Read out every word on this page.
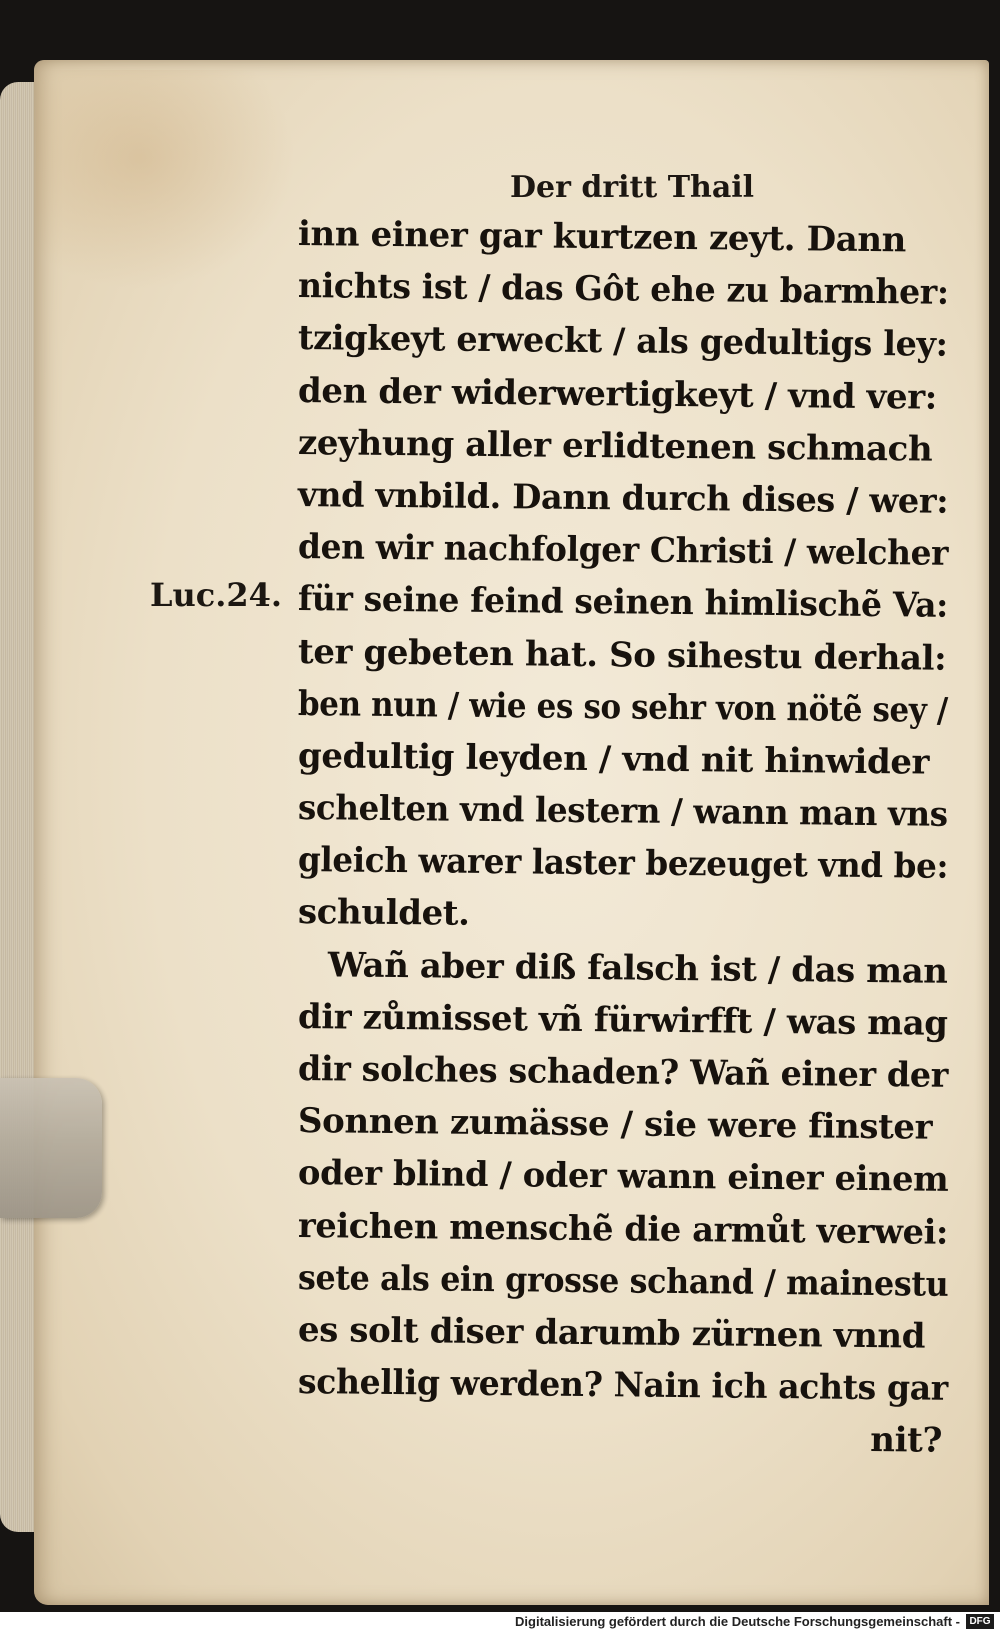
Der dritt Thail
Luc.24.
inn einer gar kurtzen zeyt. Dann
nichts ist / das Gôt ehe zu barmher:
tzigkeyt erweckt / als gedultigs ley:
den der widerwertigkeyt / vnd ver:
zeyhung aller erlidtenen schmach
vnd vnbild. Dann durch dises / wer:
den wir nachfolger Christi / welcher
für seine feind seinen himlischẽ Va:
ter gebeten hat. So sihestu derhal:
ben nun / wie es so sehr von nötẽ sey /
gedultig leyden / vnd nit hinwider
schelten vnd lestern / wann man vns
gleich warer laster bezeuget vnd be:
schuldet.
Wañ aber diß falsch ist / das man
dir zůmisset vñ fürwirfft / was mag
dir solches schaden? Wañ einer der
Sonnen zumässe / sie were finster
oder blind / oder wann einer einem
reichen menschẽ die armůt verwei:
sete als ein grosse schand / mainestu
es solt diser darumb zürnen vnnd
schellig werden? Nain ich achts gar
nit?
Digitalisierung gefördert durch die Deutsche Forschungsgemeinschaft - DFG
